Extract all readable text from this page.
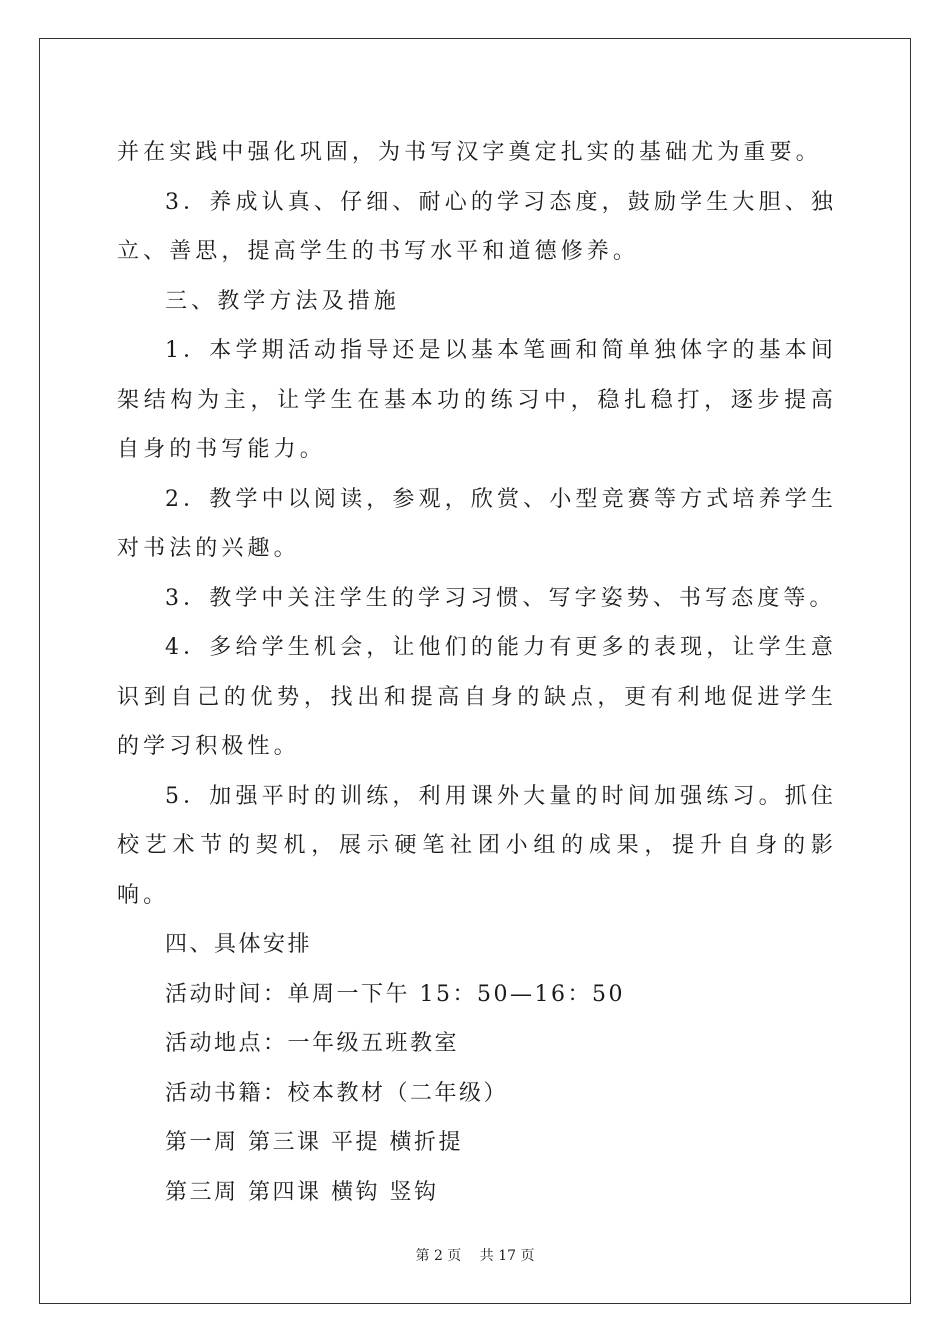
并在实践中强化巩固，为书写汉字奠定扎实的基础尤为重要。

3．养成认真、仔细、耐心的学习态度，鼓励学生大胆、独立、善思，提高学生的书写水平和道德修养。

三、教学方法及措施

1．本学期活动指导还是以基本笔画和简单独体字的基本间架结构为主，让学生在基本功的练习中，稳扎稳打，逐步提高自身的书写能力。

2．教学中以阅读，参观，欣赏、小型竞赛等方式培养学生对书法的兴趣。

3．教学中关注学生的学习习惯、写字姿势、书写态度等。

4．多给学生机会，让他们的能力有更多的表现，让学生意识到自己的优势，找出和提高自身的缺点，更有利地促进学生的学习积极性。

5．加强平时的训练，利用课外大量的时间加强练习。抓住校艺术节的契机，展示硬笔社团小组的成果，提升自身的影响。

四、具体安排

活动时间：单周一下午 15：50—16：50

活动地点：一年级五班教室

活动书籍：校本教材（二年级）

第一周 第三课 平提 横折提

第三周 第四课 横钩 竖钩

第 2 页　 共 17 页
